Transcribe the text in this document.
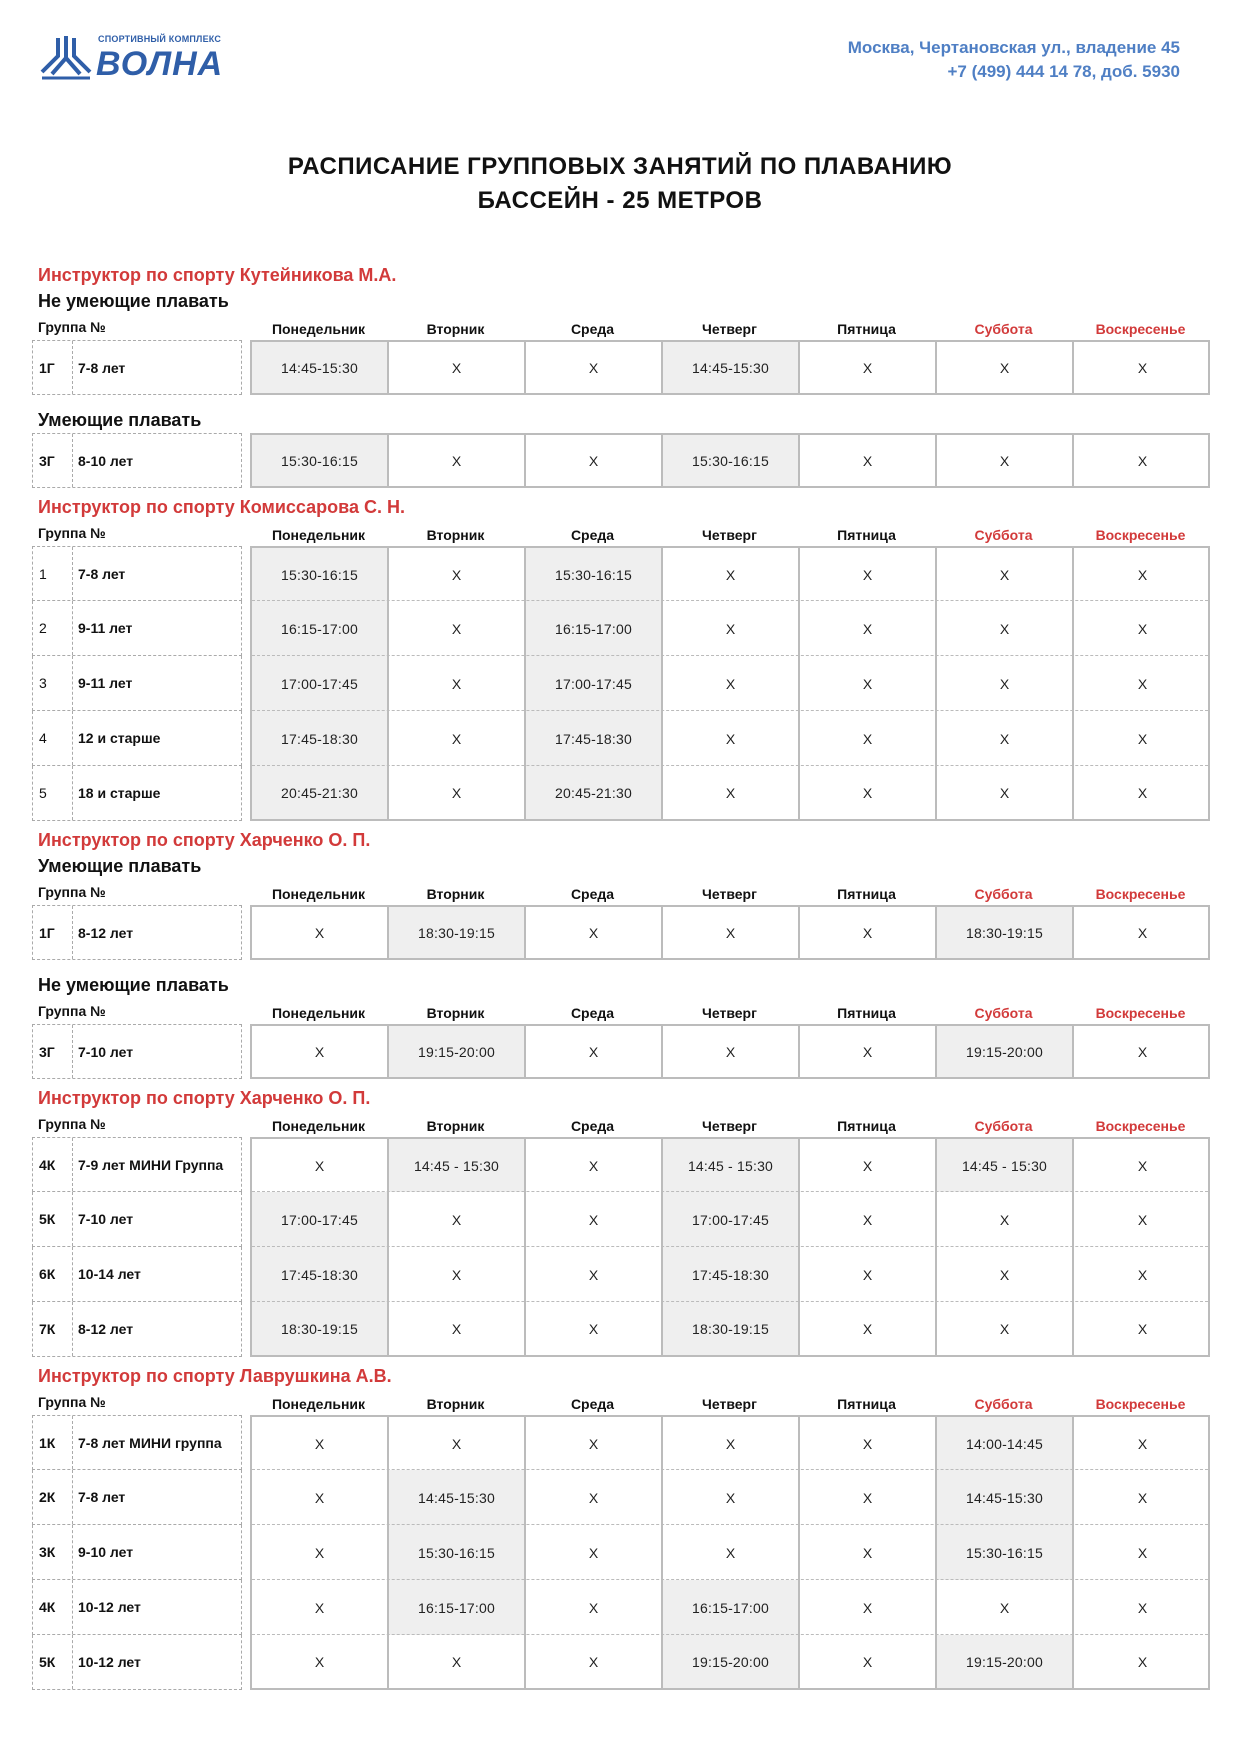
СПОРТИВНЫЙ КОМПЛЕКС
ВОЛНА	Москва, Чертановская ул., владение 45
+7 (499) 444 14 78, доб. 5930
РАСПИСАНИЕ ГРУППОВЫХ ЗАНЯТИЙ ПО ПЛАВАНИЮ
БАССЕЙН - 25 МЕТРОВ
Инструктор по спорту Кутейникова М.А.
Не умеющие плавать
Группа №	Понедельник	Вторник	Среда	Четверг	Пятница	Суббота	Воскресенье
1Г	7-8 лет	14:45-15:30	X	X	14:45-15:30	X	X	X
Умеющие плавать
3Г	8-10 лет	15:30-16:15	X	X	15:30-16:15	X	X	X
Инструктор по спорту Комиссарова С. Н.
Группа №	Понедельник	Вторник	Среда	Четверг	Пятница	Суббота	Воскресенье
1	7-8 лет	15:30-16:15	X	15:30-16:15	X	X	X	X
2	9-11 лет	16:15-17:00	X	16:15-17:00	X	X	X	X
3	9-11 лет	17:00-17:45	X	17:00-17:45	X	X	X	X
4	12 и старше	17:45-18:30	X	17:45-18:30	X	X	X	X
5	18 и старше	20:45-21:30	X	20:45-21:30	X	X	X	X
Инструктор по спорту Харченко О. П.
Умеющие плавать
Группа №	Понедельник	Вторник	Среда	Четверг	Пятница	Суббота	Воскресенье
1Г	8-12 лет	X	18:30-19:15	X	X	X	18:30-19:15	X
Не умеющие плавать
Группа №	Понедельник	Вторник	Среда	Четверг	Пятница	Суббота	Воскресенье
3Г	7-10 лет	X	19:15-20:00	X	X	X	19:15-20:00	X
Инструктор по спорту Харченко О. П.
Группа №	Понедельник	Вторник	Среда	Четверг	Пятница	Суббота	Воскресенье
4К	7-9 лет МИНИ Группа	X	14:45 - 15:30	X	14:45 - 15:30	X	14:45 - 15:30	X
5К	7-10 лет	17:00-17:45	X	X	17:00-17:45	X	X	X
6К	10-14 лет	17:45-18:30	X	X	17:45-18:30	X	X	X
7К	8-12 лет	18:30-19:15	X	X	18:30-19:15	X	X	X
Инструктор по спорту Лаврушкина А.В.
Группа №	Понедельник	Вторник	Среда	Четверг	Пятница	Суббота	Воскресенье
1К	7-8 лет МИНИ группа	X	X	X	X	X	14:00-14:45	X
2К	7-8 лет	X	14:45-15:30	X	X	X	14:45-15:30	X
3К	9-10 лет	X	15:30-16:15	X	X	X	15:30-16:15	X
4К	10-12 лет	X	16:15-17:00	X	16:15-17:00	X	X	X
5К	10-12 лет	X	X	X	19:15-20:00	X	19:15-20:00	X
